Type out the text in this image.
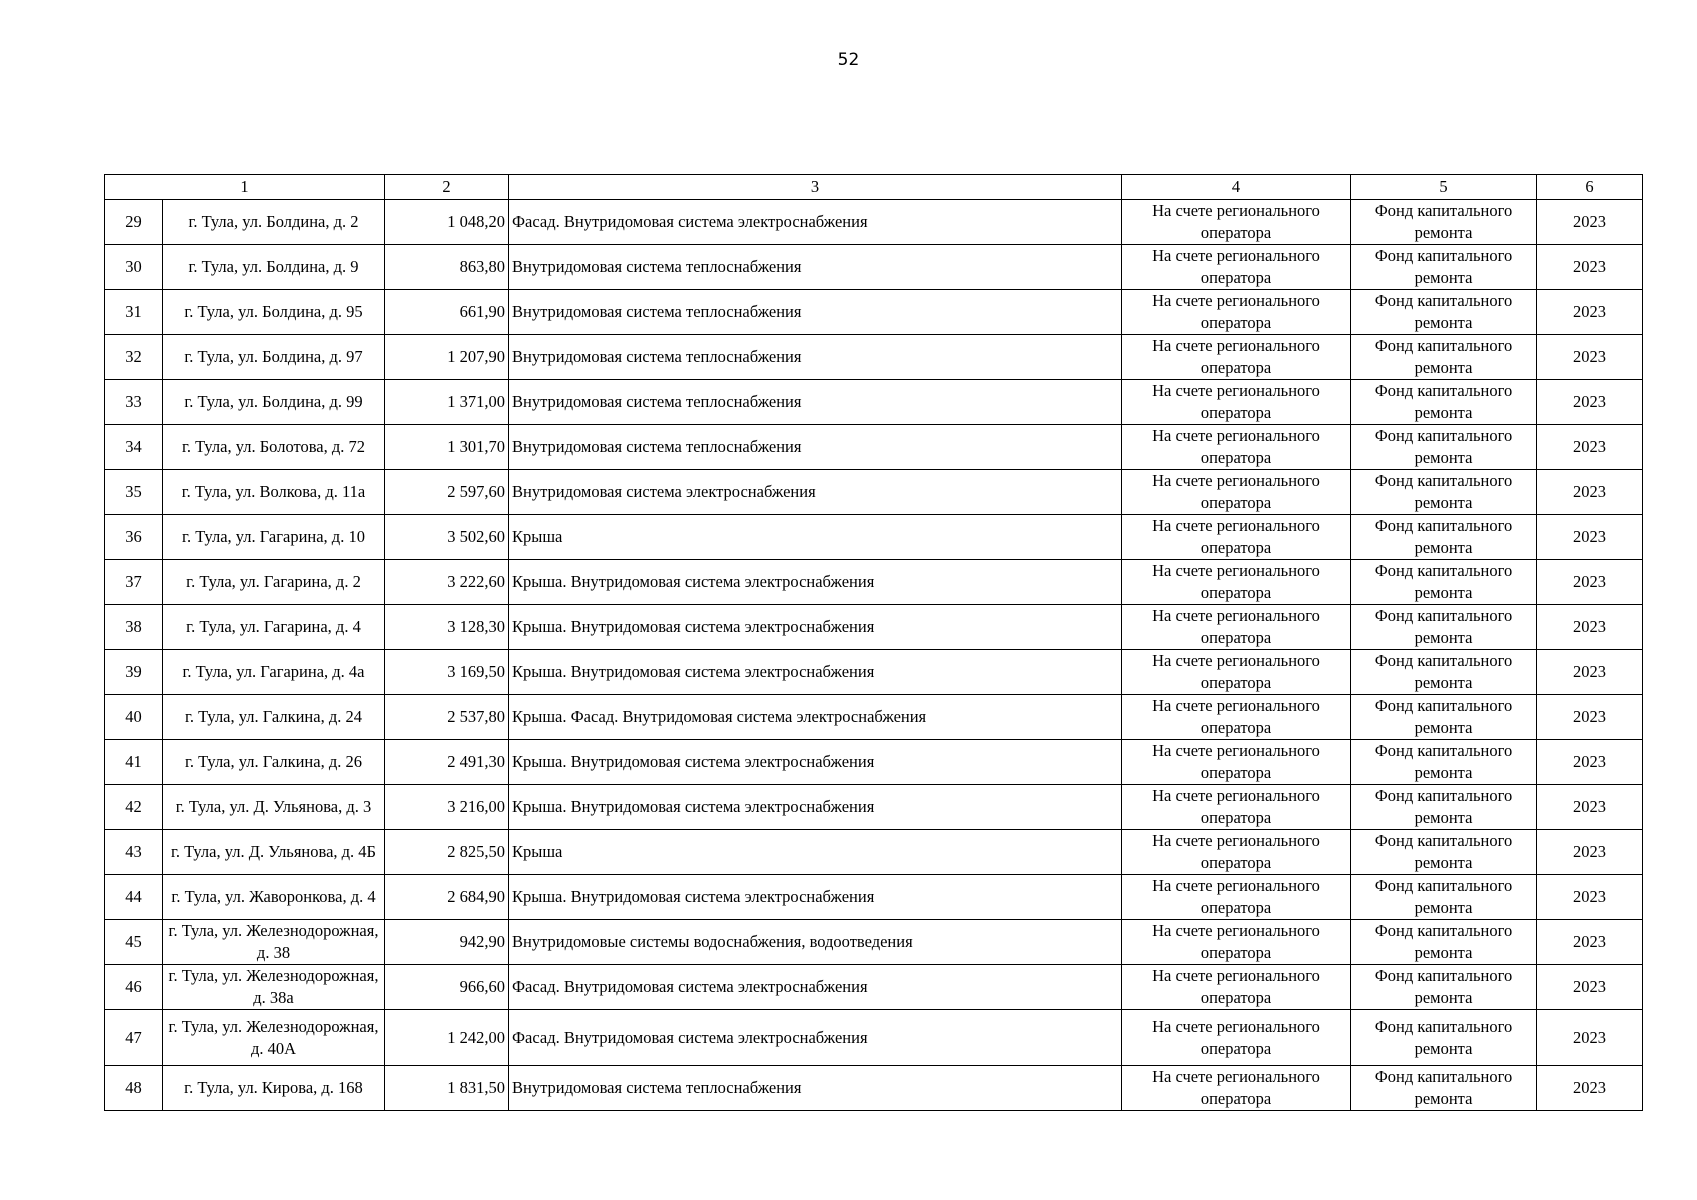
52
1		2	3	4	5	6
29	г. Тула, ул. Болдина, д. 2	1 048,20	Фасад. Внутридомовая система электроснабжения	На счете регионального оператора	Фонд капитального ремонта	2023
30	г. Тула, ул. Болдина, д. 9	863,80	Внутридомовая система теплоснабжения	На счете регионального оператора	Фонд капитального ремонта	2023
31	г. Тула, ул. Болдина, д. 95	661,90	Внутридомовая система теплоснабжения	На счете регионального оператора	Фонд капитального ремонта	2023
32	г. Тула, ул. Болдина, д. 97	1 207,90	Внутридомовая система теплоснабжения	На счете регионального оператора	Фонд капитального ремонта	2023
33	г. Тула, ул. Болдина, д. 99	1 371,00	Внутридомовая система теплоснабжения	На счете регионального оператора	Фонд капитального ремонта	2023
34	г. Тула, ул. Болотова, д. 72	1 301,70	Внутридомовая система теплоснабжения	На счете регионального оператора	Фонд капитального ремонта	2023
35	г. Тула, ул. Волкова, д. 11а	2 597,60	Внутридомовая система электроснабжения	На счете регионального оператора	Фонд капитального ремонта	2023
36	г. Тула, ул. Гагарина, д. 10	3 502,60	Крыша	На счете регионального оператора	Фонд капитального ремонта	2023
37	г. Тула, ул. Гагарина, д. 2	3 222,60	Крыша. Внутридомовая система электроснабжения	На счете регионального оператора	Фонд капитального ремонта	2023
38	г. Тула, ул. Гагарина, д. 4	3 128,30	Крыша. Внутридомовая система электроснабжения	На счете регионального оператора	Фонд капитального ремонта	2023
39	г. Тула, ул. Гагарина, д. 4а	3 169,50	Крыша. Внутридомовая система электроснабжения	На счете регионального оператора	Фонд капитального ремонта	2023
40	г. Тула, ул. Галкина, д. 24	2 537,80	Крыша. Фасад. Внутридомовая система электроснабжения	На счете регионального оператора	Фонд капитального ремонта	2023
41	г. Тула, ул. Галкина, д. 26	2 491,30	Крыша. Внутридомовая система электроснабжения	На счете регионального оператора	Фонд капитального ремонта	2023
42	г. Тула, ул. Д. Ульянова, д. 3	3 216,00	Крыша. Внутридомовая система электроснабжения	На счете регионального оператора	Фонд капитального ремонта	2023
43	г. Тула, ул. Д. Ульянова, д. 4Б	2 825,50	Крыша	На счете регионального оператора	Фонд капитального ремонта	2023
44	г. Тула, ул. Жаворонкова, д. 4	2 684,90	Крыша. Внутридомовая система электроснабжения	На счете регионального оператора	Фонд капитального ремонта	2023
45	г. Тула, ул. Железнодорожная, д. 38	942,90	Внутридомовые системы водоснабжения, водоотведения	На счете регионального оператора	Фонд капитального ремонта	2023
46	г. Тула, ул. Железнодорожная, д. 38а	966,60	Фасад. Внутридомовая система электроснабжения	На счете регионального оператора	Фонд капитального ремонта	2023
47	г. Тула, ул. Железнодорожная, д. 40А	1 242,00	Фасад. Внутридомовая система электроснабжения	На счете регионального оператора	Фонд капитального ремонта	2023
48	г. Тула, ул. Кирова, д. 168	1 831,50	Внутридомовая система теплоснабжения	На счете регионального оператора	Фонд капитального ремонта	2023
